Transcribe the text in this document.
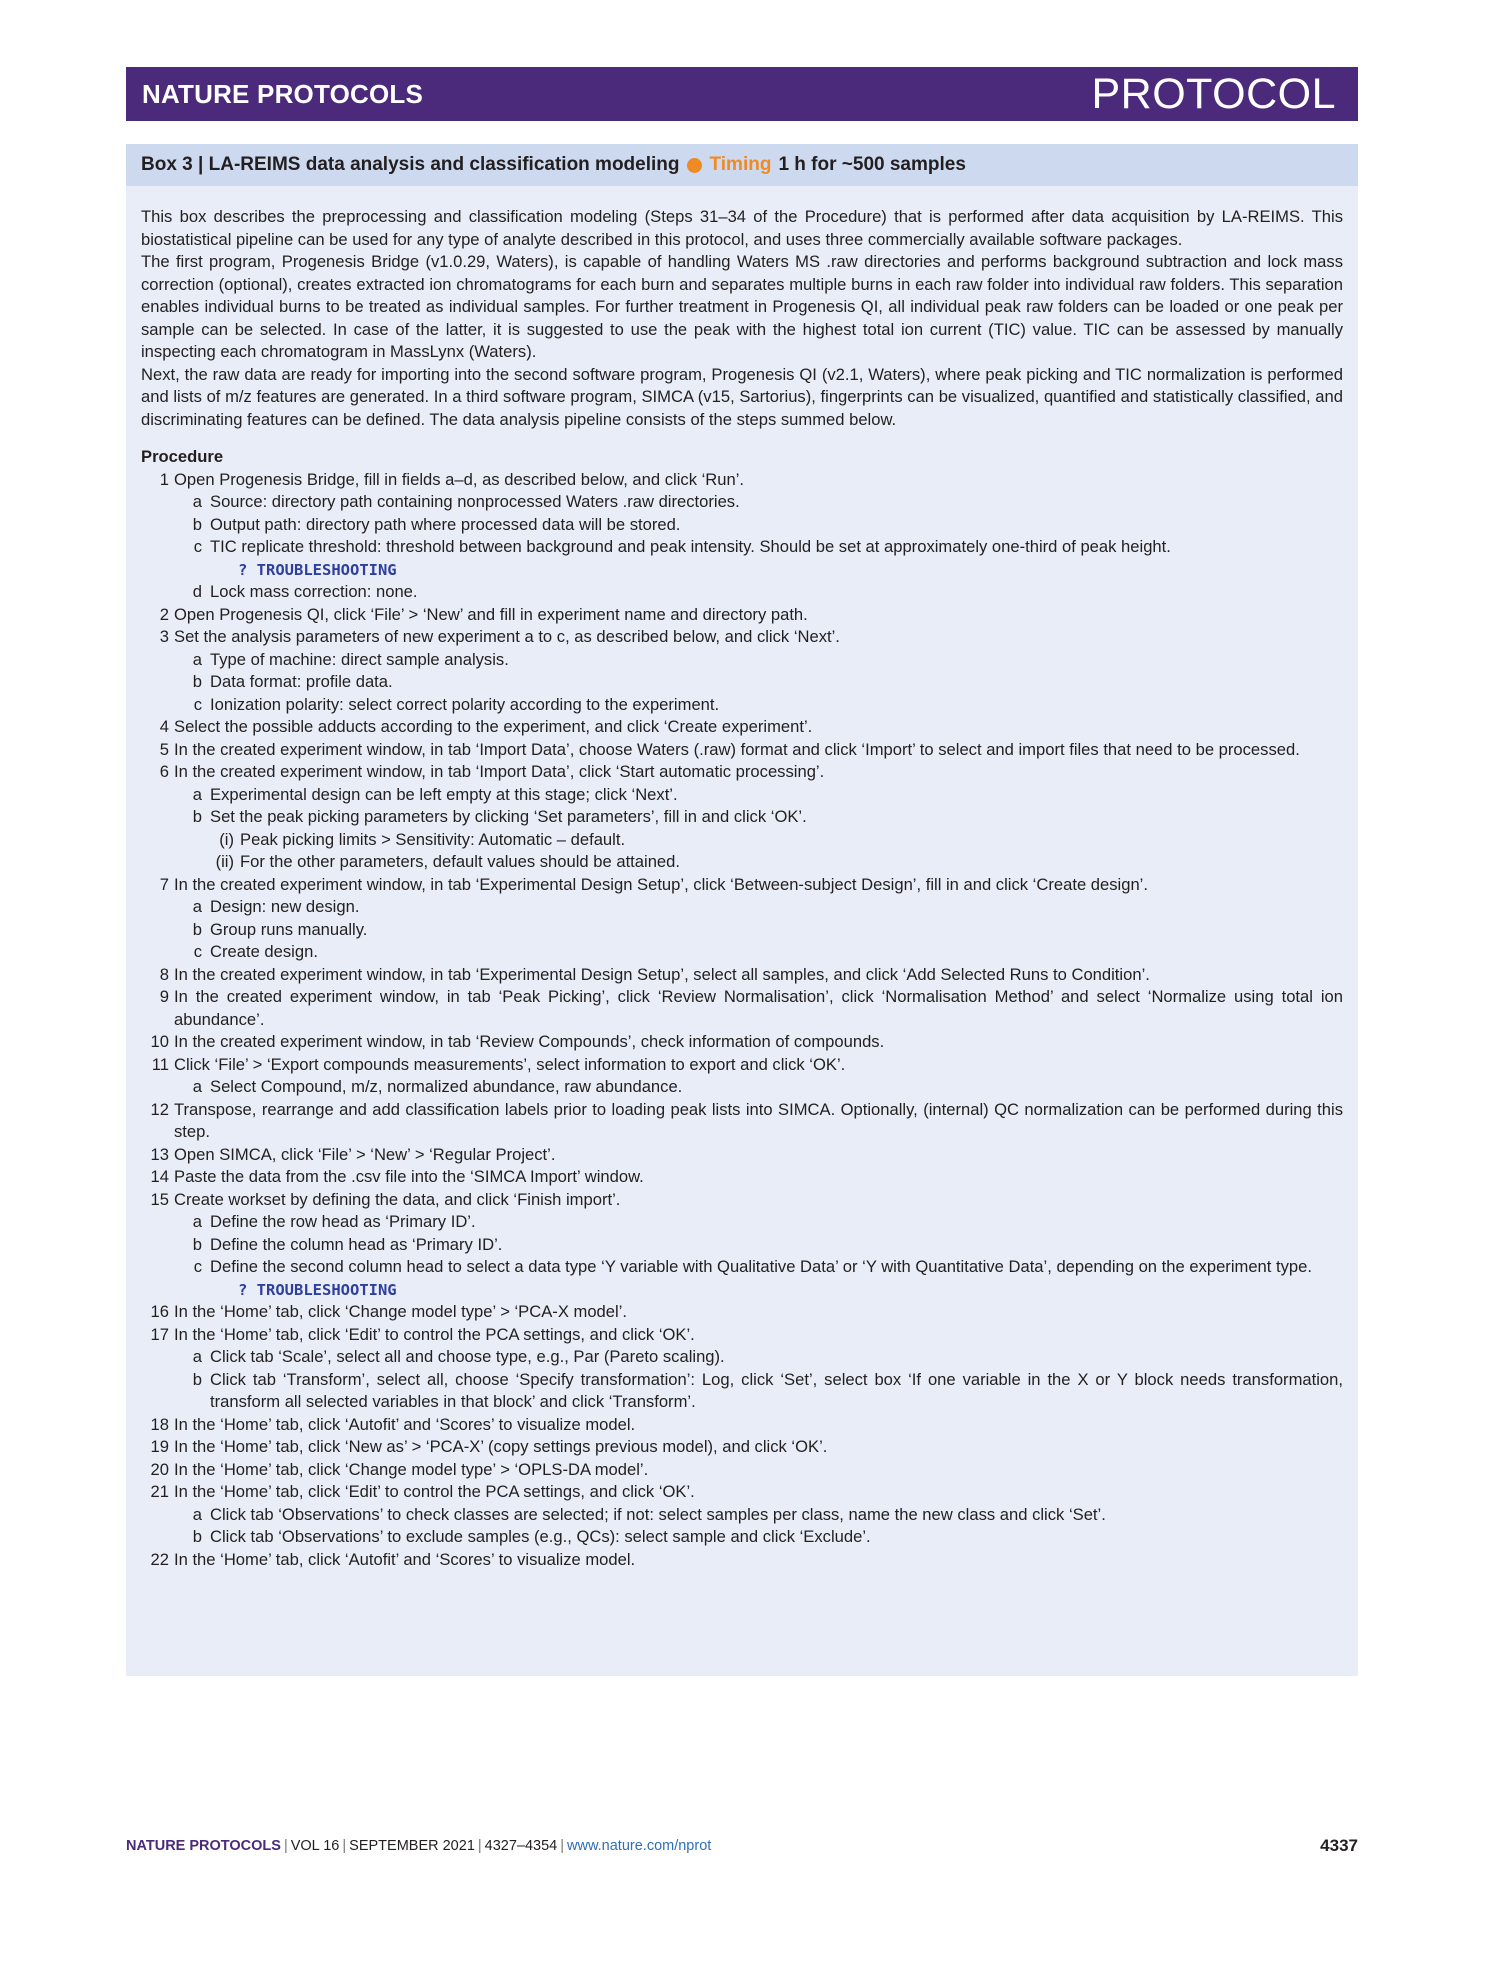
NATURE PROTOCOLS	PROTOCOL
Box 3 | LA-REIMS data analysis and classification modeling Timing 1 h for ~500 samples

This box describes the preprocessing and classification modeling (Steps 31–34 of the Procedure) that is performed after data acquisition by LA-REIMS. This biostatistical pipeline can be used for any type of analyte described in this protocol, and uses three commercially available software packages.

The first program, Progenesis Bridge (v1.0.29, Waters), is capable of handling Waters MS .raw directories and performs background subtraction and lock mass correction (optional), creates extracted ion chromatograms for each burn and separates multiple burns in each raw folder into individual raw folders. This separation enables individual burns to be treated as individual samples. For further treatment in Progenesis QI, all individual peak raw folders can be loaded or one peak per sample can be selected. In case of the latter, it is suggested to use the peak with the highest total ion current (TIC) value. TIC can be assessed by manually inspecting each chromatogram in MassLynx (Waters).

Next, the raw data are ready for importing into the second software program, Progenesis QI (v2.1, Waters), where peak picking and TIC normalization is performed and lists of m/z features are generated. In a third software program, SIMCA (v15, Sartorius), fingerprints can be visualized, quantified and statistically classified, and discriminating features can be defined. The data analysis pipeline consists of the steps summed below.

Procedure
1 Open Progenesis Bridge, fill in fields a–d, as described below, and click ‘Run’.
a Source: directory path containing nonprocessed Waters .raw directories.
b Output path: directory path where processed data will be stored.
c TIC replicate threshold: threshold between background and peak intensity. Should be set at approximately one-third of peak height.
? TROUBLESHOOTING
d Lock mass correction: none.
2 Open Progenesis QI, click ‘File’ > ‘New’ and fill in experiment name and directory path.
3 Set the analysis parameters of new experiment a to c, as described below, and click ‘Next’.
a Type of machine: direct sample analysis.
b Data format: profile data.
c Ionization polarity: select correct polarity according to the experiment.
4 Select the possible adducts according to the experiment, and click ‘Create experiment’.
5 In the created experiment window, in tab ‘Import Data’, choose Waters (.raw) format and click ‘Import’ to select and import files that need to be processed.
6 In the created experiment window, in tab ‘Import Data’, click ‘Start automatic processing’.
a Experimental design can be left empty at this stage; click ‘Next’.
b Set the peak picking parameters by clicking ‘Set parameters’, fill in and click ‘OK’.
(i) Peak picking limits > Sensitivity: Automatic – default.
(ii) For the other parameters, default values should be attained.
7 In the created experiment window, in tab ‘Experimental Design Setup’, click ‘Between-subject Design’, fill in and click ‘Create design’.
a Design: new design.
b Group runs manually.
c Create design.
8 In the created experiment window, in tab ‘Experimental Design Setup’, select all samples, and click ‘Add Selected Runs to Condition’.
9 In the created experiment window, in tab ‘Peak Picking’, click ‘Review Normalisation’, click ‘Normalisation Method’ and select ‘Normalize using total ion abundance’.
10 In the created experiment window, in tab ‘Review Compounds’, check information of compounds.
11 Click ‘File’ > ‘Export compounds measurements’, select information to export and click ‘OK’.
a Select Compound, m/z, normalized abundance, raw abundance.
12 Transpose, rearrange and add classification labels prior to loading peak lists into SIMCA. Optionally, (internal) QC normalization can be performed during this step.
13 Open SIMCA, click ‘File’ > ‘New’ > ‘Regular Project’.
14 Paste the data from the .csv file into the ‘SIMCA Import’ window.
15 Create workset by defining the data, and click ‘Finish import’.
a Define the row head as ‘Primary ID’.
b Define the column head as ‘Primary ID’.
c Define the second column head to select a data type ‘Y variable with Qualitative Data’ or ‘Y with Quantitative Data’, depending on the experiment type.
? TROUBLESHOOTING
16 In the ‘Home’ tab, click ‘Change model type’ > ‘PCA-X model’.
17 In the ‘Home’ tab, click ‘Edit’ to control the PCA settings, and click ‘OK’.
a Click tab ‘Scale’, select all and choose type, e.g., Par (Pareto scaling).
b Click tab ‘Transform’, select all, choose ‘Specify transformation’: Log, click ‘Set’, select box ‘If one variable in the X or Y block needs transformation, transform all selected variables in that block’ and click ‘Transform’.
18 In the ‘Home’ tab, click ‘Autofit’ and ‘Scores’ to visualize model.
19 In the ‘Home’ tab, click ‘New as’ > ‘PCA-X’ (copy settings previous model), and click ‘OK’.
20 In the ‘Home’ tab, click ‘Change model type’ > ‘OPLS-DA model’.
21 In the ‘Home’ tab, click ‘Edit’ to control the PCA settings, and click ‘OK’.
a Click tab ‘Observations’ to check classes are selected; if not: select samples per class, name the new class and click ‘Set’.
b Click tab ‘Observations’ to exclude samples (e.g., QCs): select sample and click ‘Exclude’.
22 In the ‘Home’ tab, click ‘Autofit’ and ‘Scores’ to visualize model.
NATURE PROTOCOLS | VOL 16 | SEPTEMBER 2021 | 4327–4354 | www.nature.com/nprot	4337
